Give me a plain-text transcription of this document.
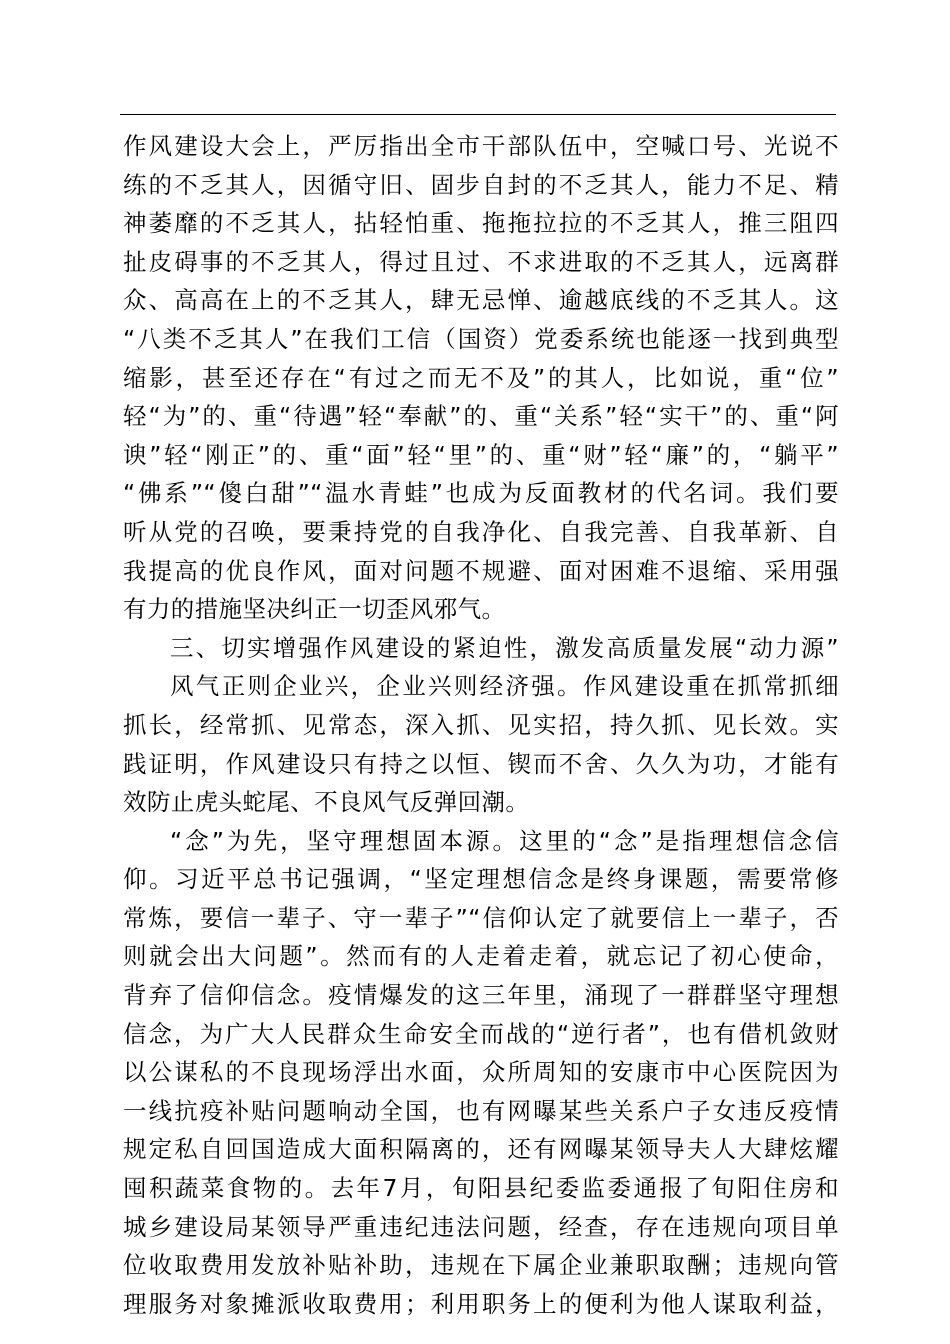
作风建设大会上，严厉指出全市干部队伍中，空喊口号、光说不
练的不乏其人，因循守旧、固步自封的不乏其人，能力不足、精
神萎靡的不乏其人，拈轻怕重、拖拖拉拉的不乏其人，推三阻四
扯皮碍事的不乏其人，得过且过、不求进取的不乏其人，远离群
众、高高在上的不乏其人，肆无忌惮、逾越底线的不乏其人。这
“八类不乏其人”在我们工信（国资）党委系统也能逐一找到典型
缩影，甚至还存在“有过之而无不及”的其人，比如说，重“位”
轻“为”的、重“待遇”轻“奉献”的、重“关系”轻“实干”的、重“阿
谀”轻“刚正”的、重“面”轻“里”的、重“财”轻“廉”的，“躺平”
“佛系”“傻白甜”“温水青蛙”也成为反面教材的代名词。我们要
听从党的召唤，要秉持党的自我净化、自我完善、自我革新、自
我提高的优良作风，面对问题不规避、面对困难不退缩、采用强
有力的措施坚决纠正一切歪风邪气。
三、切实增强作风建设的紧迫性，激发高质量发展“动力源”
风气正则企业兴，企业兴则经济强。作风建设重在抓常抓细
抓长，经常抓、见常态，深入抓、见实招，持久抓、见长效。实
践证明，作风建设只有持之以恒、锲而不舍、久久为功，才能有
效防止虎头蛇尾、不良风气反弹回潮。
“念”为先，坚守理想固本源。这里的“念”是指理想信念信
仰。习近平总书记强调，“坚定理想信念是终身课题，需要常修
常炼，要信一辈子、守一辈子”“信仰认定了就要信上一辈子，否
则就会出大问题”。然而有的人走着走着，就忘记了初心使命，
背弃了信仰信念。疫情爆发的这三年里，涌现了一群群坚守理想
信念，为广大人民群众生命安全而战的“逆行者”，也有借机敛财
以公谋私的不良现场浮出水面，众所周知的安康市中心医院因为
一线抗疫补贴问题响动全国，也有网曝某些关系户子女违反疫情
规定私自回国造成大面积隔离的，还有网曝某领导夫人大肆炫耀
囤积蔬菜食物的。去年7月，旬阳县纪委监委通报了旬阳住房和
城乡建设局某领导严重违纪违法问题，经查，存在违规向项目单
位收取费用发放补贴补助，违规在下属企业兼职取酬；违规向管
理服务对象摊派收取费用；利用职务上的便利为他人谋取利益，
